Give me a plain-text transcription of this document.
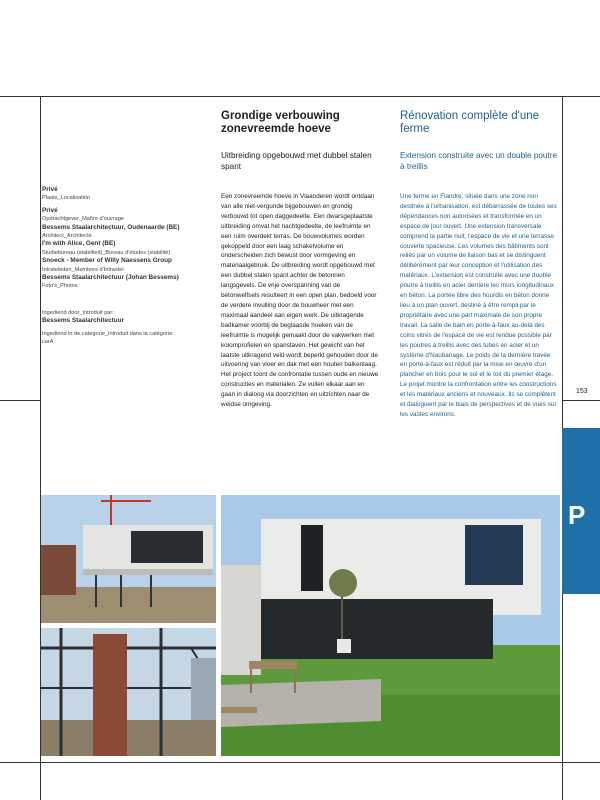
Privé
Plaats_Localisation
Privé
Opdrachtgever_Maître d'ouvrage
Bessems Staalarchitectuur, Oudenaarde (BE)
Architect_Architecte
I'm with Alice, Gent (BE)
Studiebureau (stabiliteit)_Bureau d'études (stabilité)
Snoeck - Member of Willy Naessens Group
Intrateleden_Membres d'Intrastel
Bessems Staalarchitectuur (Johan Bessems)
Foto's_Photos
Ingediend door_Introduit par:
Bessems Staalarchitectuur
Ingediend in de categorie_Introduit dans la catégorie:
carA
Grondige verbouwing zonevreemde hoeve

Uitbreiding opgebouwd met dubbel stalen spant

Een zonevreemde hoeve in Vlaanderen wordt ontdaan van alle niet-vergunde bijgebouwen en grondig verbouwd tot open daggedeelte. Een dwarsgeplaatste uitbreiding omvat het nachtgedeelte, de leefruimte en een ruim overdekt terras. De bouwvolumes worden gekoppeld door een laag schakelvolume en onderscheiden zich bewust door vormgeving en materiaalgebruik. De uitbreiding wordt opgebouwd met een dubbel stalen spant achter de betonnen langsgevels. De vrije overspanning van de betonwelfsels resulteert in een open plan, bedoeld voor de verdere invulling door de bouwheer met een maximaal aandeel aan eigen werk. De uitkragende badkamer voorbij de beglaasde hoeken van de leefruimte is mogelijk gemaakt door de vakwerken met kolomprofielen en spanstaven. Het gewicht van het laatste uitkragend veld wordt beperkt gehouden door de uitvoering van vloer en dak met een houten balkenlaag. Het project toont de confrontatie tussen oude en nieuwe constructies en materialen. Ze vullen elkaar aan en gaan in dialoog via doorzichten en uitzichten naar de weidse omgeving.

Rénovation complète d'une ferme

Extension construite avec un double poutre à treillis

Une ferme en Flandre, située dans une zone non destinée à l'urbanisation, est débarrassée de toutes ses dépendances non autorisées et transformée en un espace de jour ouvert. Une extension transversale comprend la partie nuit, l'espace de vie et une terrasse couverte spacieuse. Les volumes des bâtiments sont reliés par un volume de liaison bas et se distinguent délibérément par leur conception et l'utilisation des matériaux. L'extension est construite avec une double poutre à treillis en acier derrière les murs longitudinaux en béton. La portée libre des hourdis en béton donne lieu à un plan ouvert, destiné à être rempli par le propriétaire avec une part maximale de son propre travail. La salle de bain en porte-à-faux au-delà des coins vitrés de l'espace de vie est rendue possible par les poutres à treillis avec des tubes en acier et un système d'Naubanage. Le poids de la dernière travée en porte-à-faux est réduit par la mise en œuvre d'un plancher en bois pour le sol et le toit du premier étage. Le projet montre la confrontation entre les constructions et les matériaux anciens et nouveaux. Ils se complètent et dialoguent par le biais de perspectives et de vues sur les vastes environs.

153
P
